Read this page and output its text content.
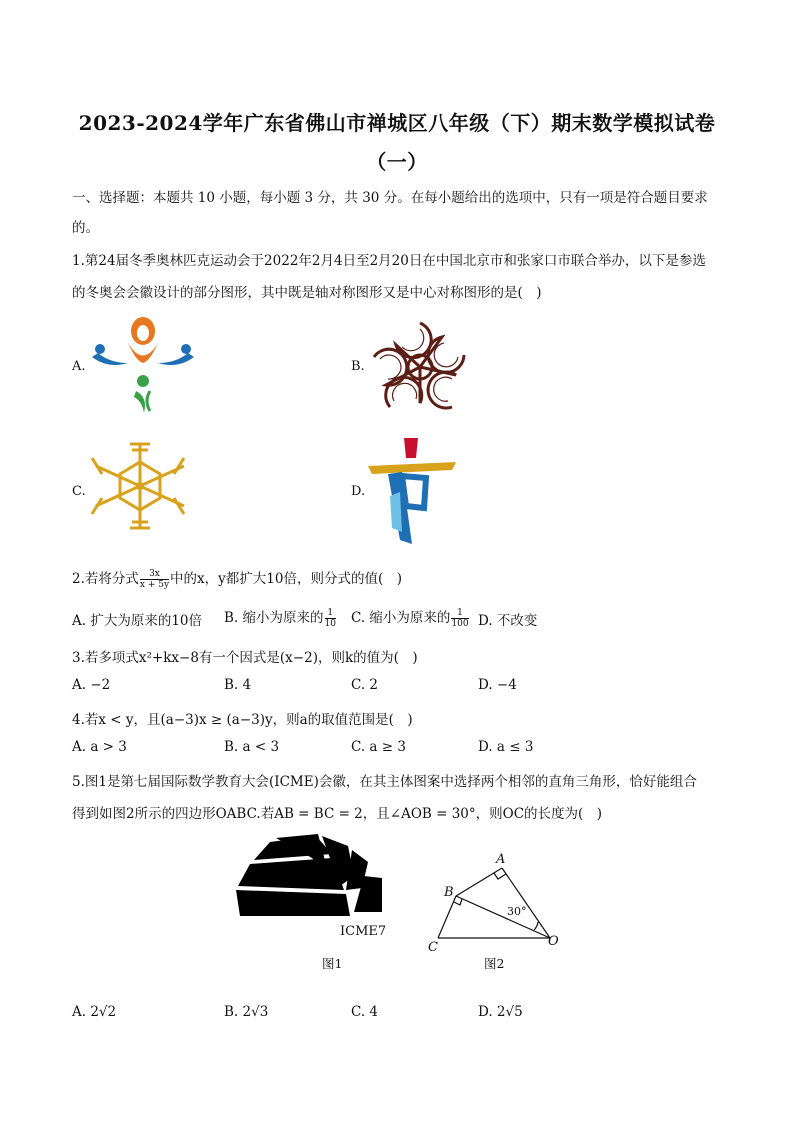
2023-2024学年广东省佛山市禅城区八年级（下）期末数学模拟试卷
（一）
一、选择题：本题共 10 小题，每小题 3 分，共 30 分。在每小题给出的选项中，只有一项是符合题目要求
的。
1.第24届冬季奥林匹克运动会于2022年2月4日至2月20日在中国北京市和张家口市联合举办，以下是参选
的冬奥会会徽设计的部分图形，其中既是轴对称图形又是中心对称图形的是(　)
A.	B.
C.	D.
2.若将分式 $\frac{3x}{x + 5y}$ 中的x，y都扩大10倍，则分式的值(　)
A. 扩大为原来的10倍 B. 缩小为原来的 $\frac{1}{10} C$. 缩小为原来的 $\frac{1}{100} D$. 不改变
3.若多项式x²+kx−8有一个因式是(x−2)，则k的值为(　)
A. −2	B. 4	C. 2	D. −4
4.若x < y，且(a−3)x ≥ (a−3)y，则a的取值范围是(　)
A. a > 3	B. a < 3	C. a ≥ 3	D. a ≤ 3
5.图1是第七届国际数学教育大会(ICME)会徽，在其主体图案中选择两个相邻的直角三角形，恰好能组合
得到如图2所示的四边形OABC.若AB = BC = 2，且∠AOB = 30°，则OC的长度为(　)
ICME7
图1
A
B
C	O
30°
图2
A. 2√2	B. 2√3	C. 4	D. 2√5
